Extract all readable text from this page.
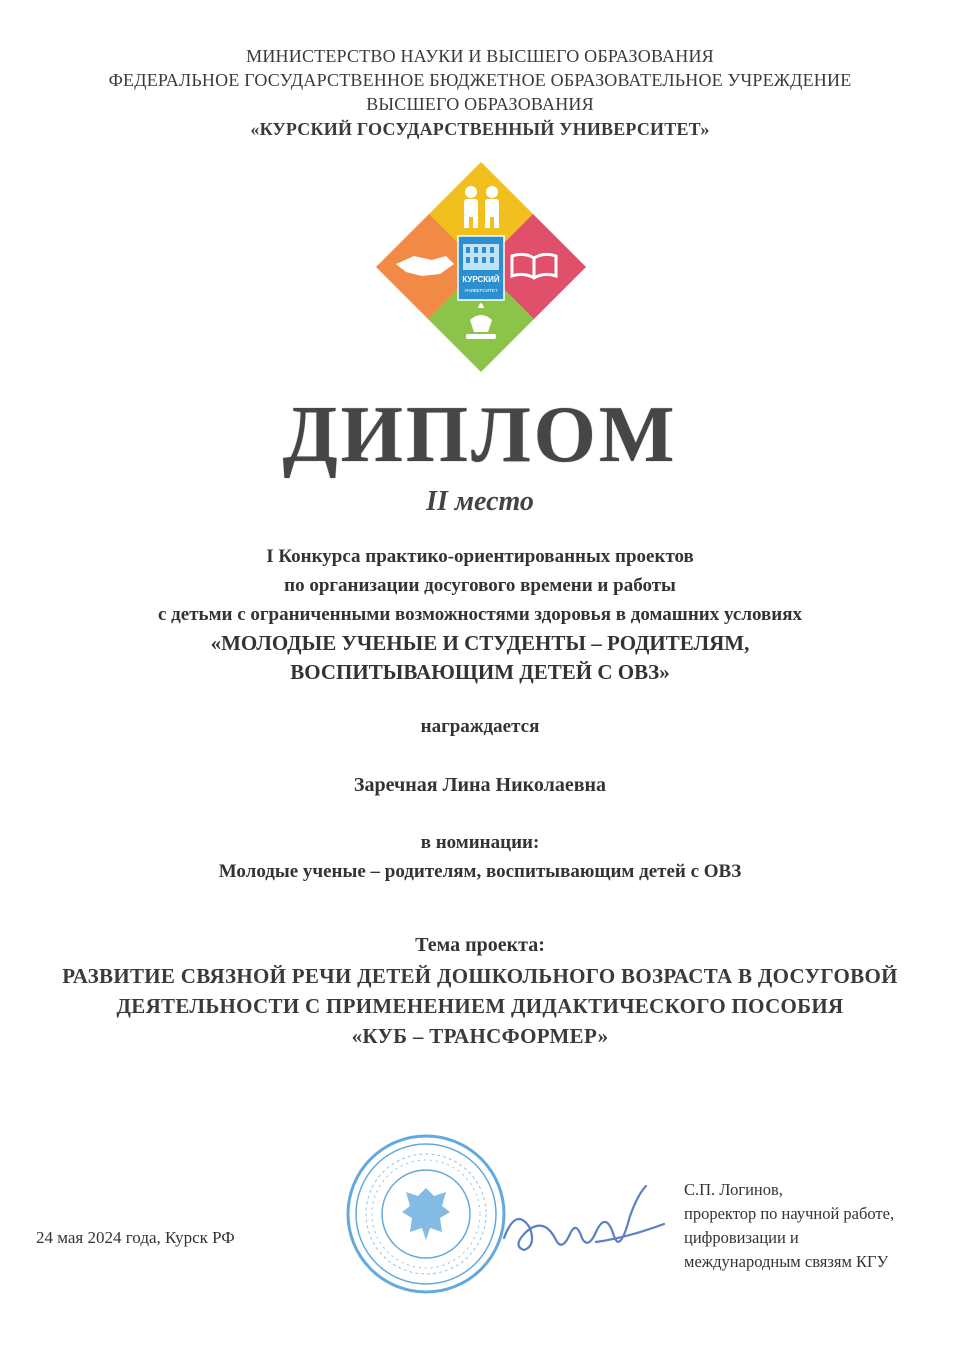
МИНИСТЕРСТВО НАУКИ И ВЫСШЕГО ОБРАЗОВАНИЯ
ФЕДЕРАЛЬНОЕ ГОСУДАРСТВЕННОЕ БЮДЖЕТНОЕ ОБРАЗОВАТЕЛЬНОЕ УЧРЕЖДЕНИЕ
ВЫСШЕГО ОБРАЗОВАНИЯ
«КУРСКИЙ ГОСУДАРСТВЕННЫЙ УНИВЕРСИТЕТ»
КУРСКИЙ
УНИВЕРСИТЕТ
ДИПЛОМ
II место
I Конкурса практико-ориентированных проектов
по организации досугового времени и работы
с детьми с ограниченными возможностями здоровья в домашних условиях
«МОЛОДЫЕ УЧЕНЫЕ И СТУДЕНТЫ – РОДИТЕЛЯМ,
ВОСПИТЫВАЮЩИМ ДЕТЕЙ С ОВЗ»
награждается
Заречная Лина Николаевна
в номинации:
Молодые ученые – родителям, воспитывающим детей с ОВЗ
Тема проекта:
РАЗВИТИЕ СВЯЗНОЙ РЕЧИ ДЕТЕЙ ДОШКОЛЬНОГО ВОЗРАСТА В ДОСУГОВОЙ
ДЕЯТЕЛЬНОСТИ С ПРИМЕНЕНИЕМ ДИДАКТИЧЕСКОГО ПОСОБИЯ
«КУБ – ТРАНСФОРМЕР»
24 мая 2024 года, Курск РФ
С.П. Логинов,
проректор по научной работе,
цифровизации и
международным связям КГУ
